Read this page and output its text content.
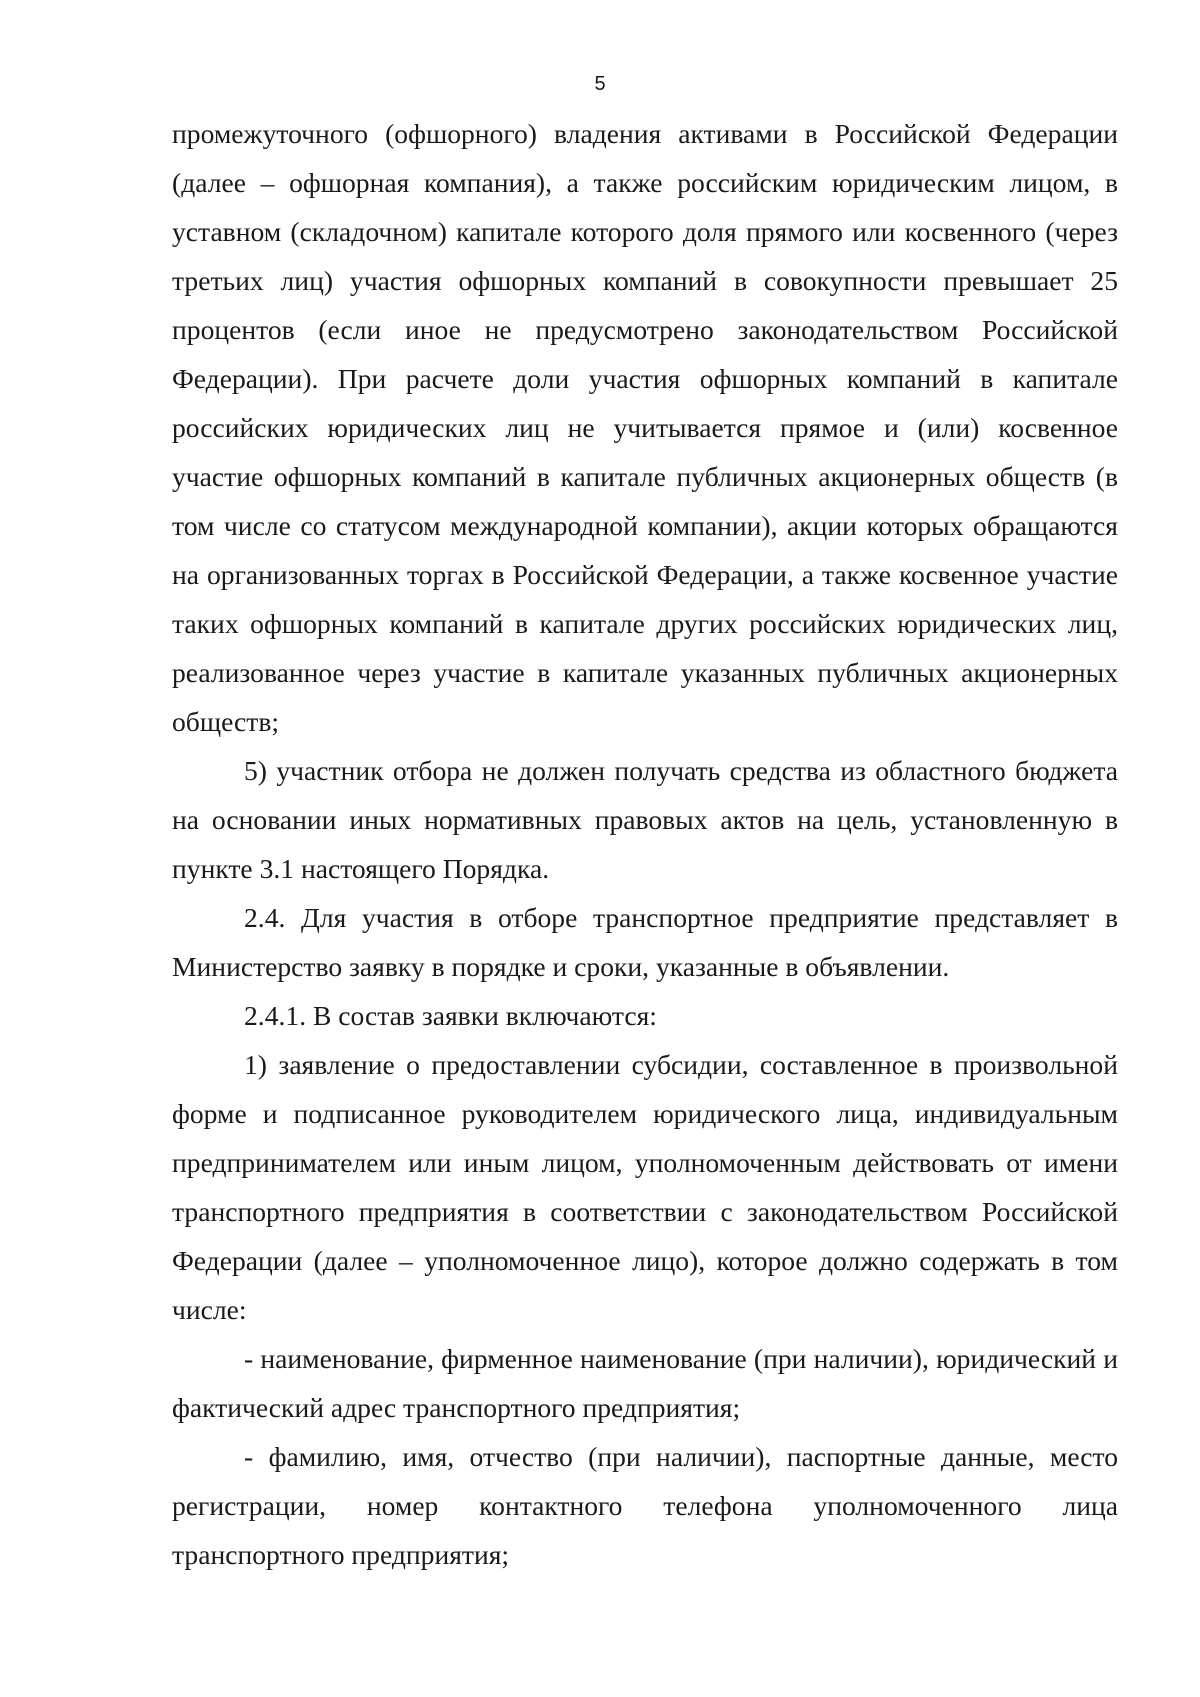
5

промежуточного (офшорного) владения активами в Российской Федерации (далее – офшорная компания), а также российским юридическим лицом, в уставном (складочном) капитале которого доля прямого или косвенного (через третьих лиц) участия офшорных компаний в совокупности превышает 25 процентов (если иное не предусмотрено законодательством Российской Федерации). При расчете доли участия офшорных компаний в капитале российских юридических лиц не учитывается прямое и (или) косвенное участие офшорных компаний в капитале публичных акционерных обществ (в том числе со статусом международной компании), акции которых обращаются на организованных торгах в Российской Федерации, а также косвенное участие таких офшорных компаний в капитале других российских юридических лиц, реализованное через участие в капитале указанных публичных акционерных обществ;

5) участник отбора не должен получать средства из областного бюджета на основании иных нормативных правовых актов на цель, установленную в пункте 3.1 настоящего Порядка.

2.4. Для участия в отборе транспортное предприятие представляет в Министерство заявку в порядке и сроки, указанные в объявлении.

2.4.1. В состав заявки включаются:

1) заявление о предоставлении субсидии, составленное в произвольной форме и подписанное руководителем юридического лица, индивидуальным предпринимателем или иным лицом, уполномоченным действовать от имени транспортного предприятия в соответствии с законодательством Российской Федерации (далее – уполномоченное лицо), которое должно содержать в том числе:

- наименование, фирменное наименование (при наличии), юридический и фактический адрес транспортного предприятия;

- фамилию, имя, отчество (при наличии), паспортные данные, место регистрации, номер контактного телефона уполномоченного лица транспортного предприятия;
